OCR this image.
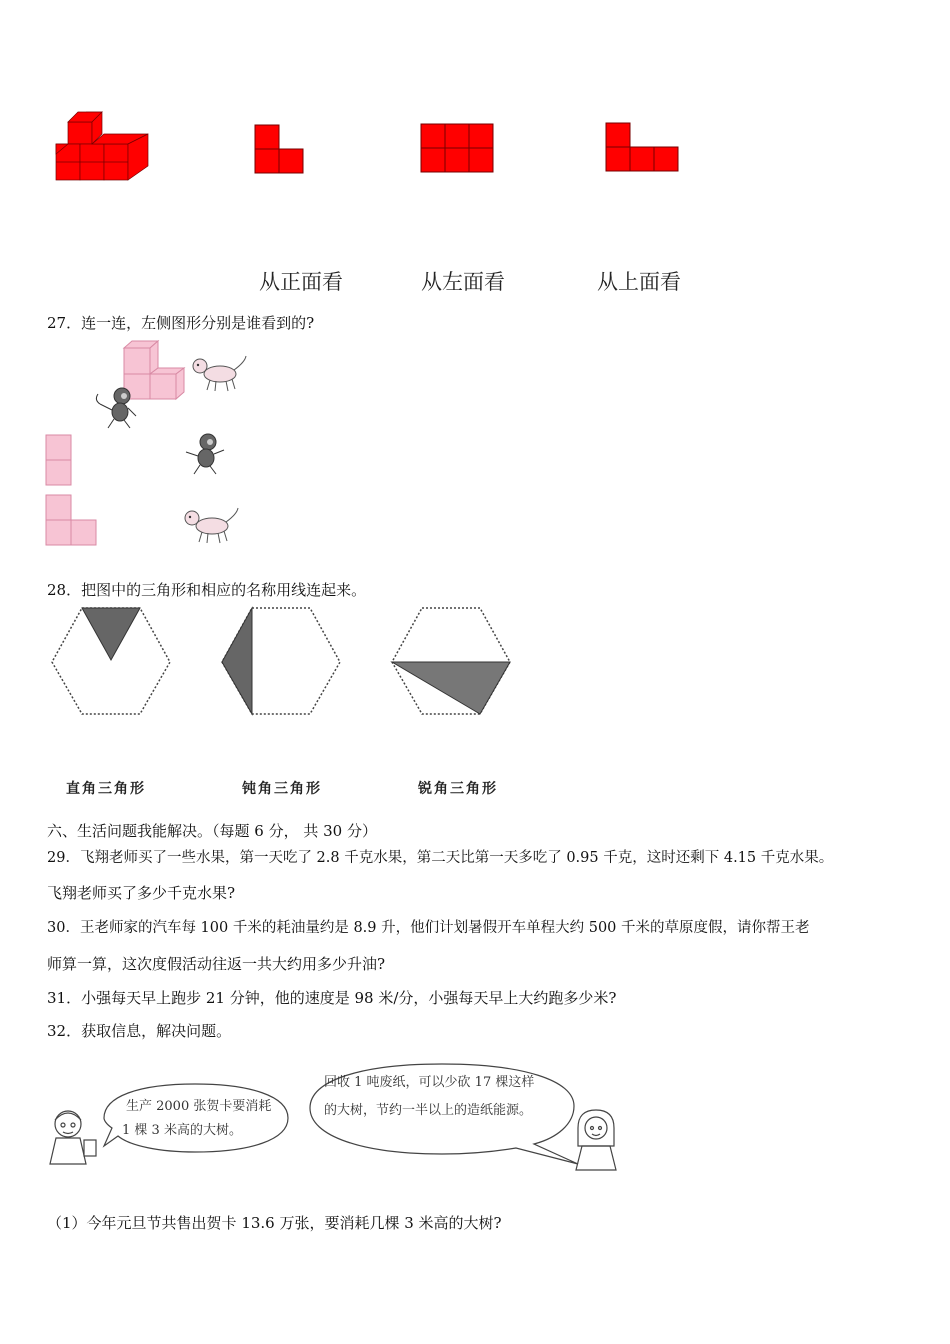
从正面看	从左面看	从上面看
27．连一连，左侧图形分别是谁看到的?
28．把图中的三角形和相应的名称用线连起来。
直角三角形	钝角三角形	锐角三角形
六、生活问题我能解决。（每题 6 分， 共 30 分）
29．飞翔老师买了一些水果，第一天吃了 2.8 千克水果，第二天比第一天多吃了 0.95 千克，这时还剩下 4.15 千克水果。
飞翔老师买了多少千克水果?
30．王老师家的汽车每 100 千米的耗油量约是 8.9 升，他们计划暑假开车单程大约 500 千米的草原度假，请你帮王老
师算一算，这次度假活动往返一共大约用多少升油?
31．小强每天早上跑步 21 分钟，他的速度是 98 米/分，小强每天早上大约跑多少米?
32．获取信息，解决问题。
生产 2000 张贺卡要消耗
1 棵 3 米高的大树。
回收 1 吨废纸，可以少砍 17 棵这样
的大树，节约一半以上的造纸能源。
（1）今年元旦节共售出贺卡 13.6 万张，要消耗几棵 3 米高的大树?
